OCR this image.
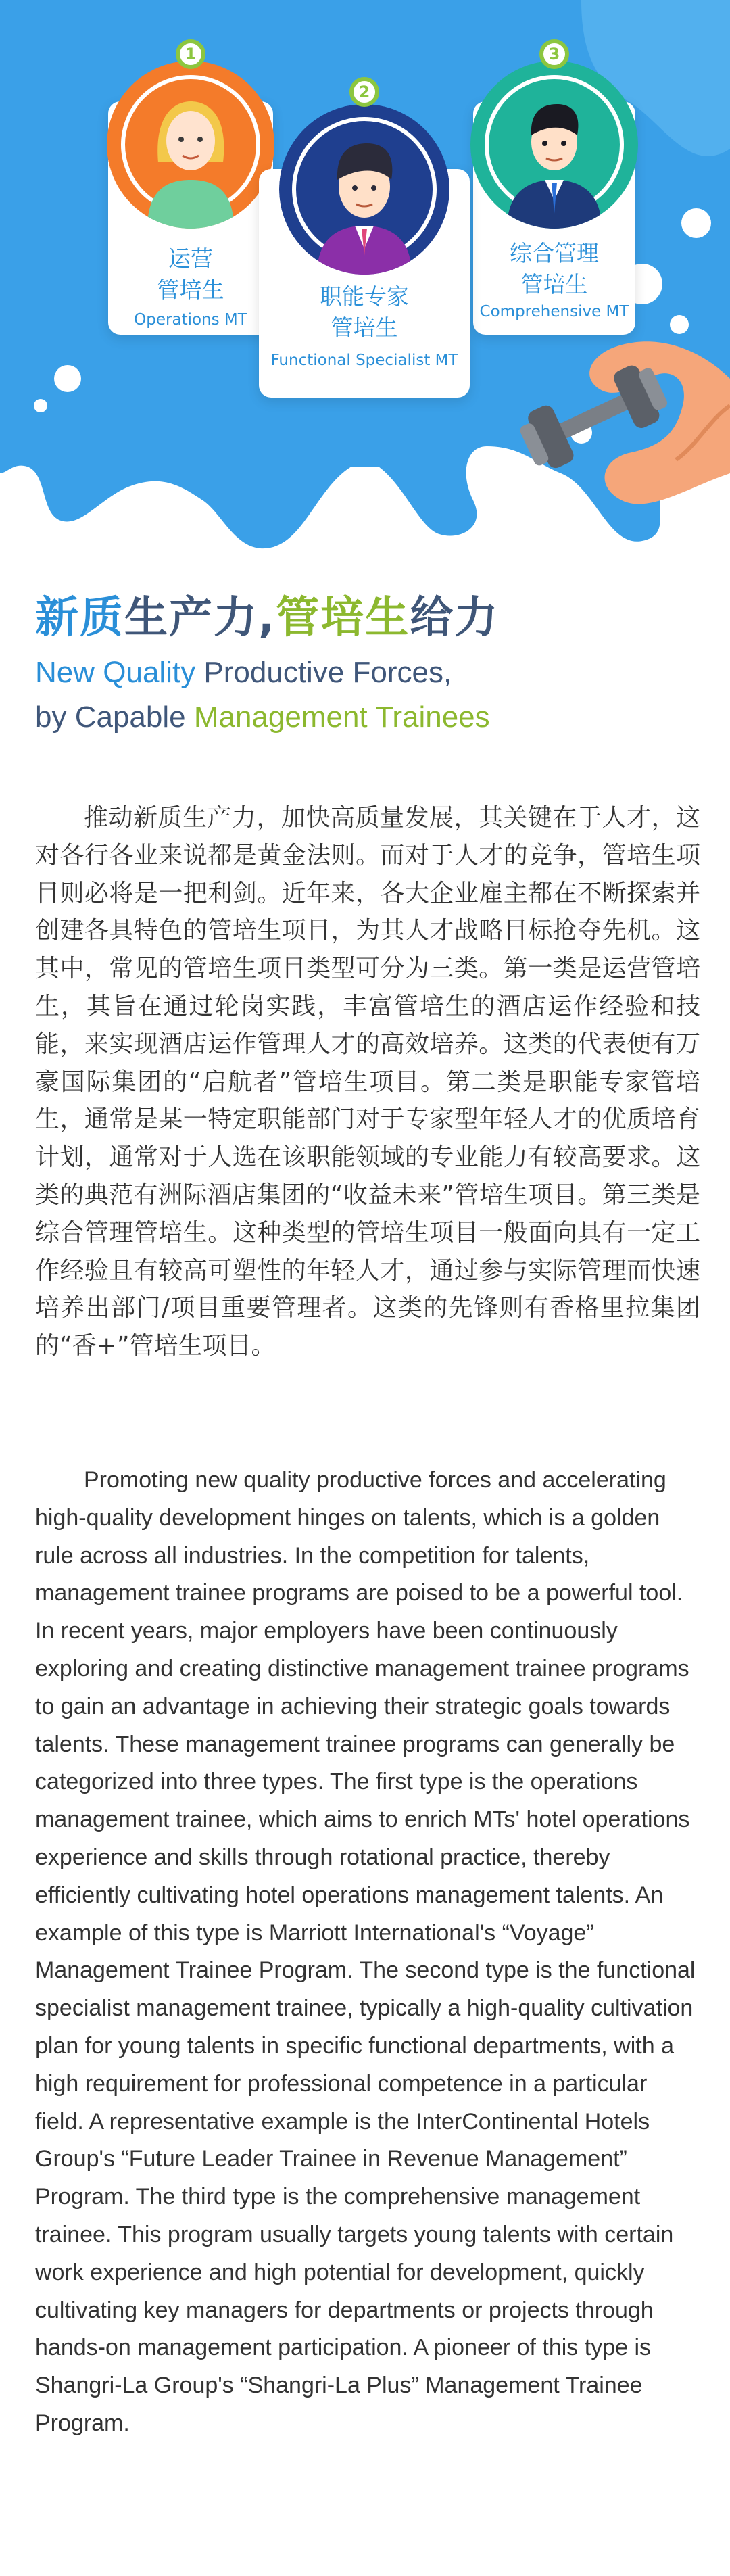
1
运营
管培生
Operations MT
2
职能专家
管培生
Functional Specialist MT
3
综合管理
管培生
Comprehensive MT
新质生产力,管培生给力
New Quality Productive Forces,
by Capable Management Trainees

推动新质生产力，加快高质量发展，其关键在于人才，这对各行各业来说都是黄金法则。而对于人才的竞争，管培生项目则必将是一把利剑。近年来，各大企业雇主都在不断探索并创建各具特色的管培生项目，为其人才战略目标抢夺先机。这其中，常见的管培生项目类型可分为三类。第一类是运营管培生，其旨在通过轮岗实践，丰富管培生的酒店运作经验和技能，来实现酒店运作管理人才的高效培养。这类的代表便有万豪国际集团的“启航者”管培生项目。第二类是职能专家管培生，通常是某一特定职能部门对于专家型年轻人才的优质培育计划，通常对于人选在该职能领域的专业能力有较高要求。这类的典范有洲际酒店集团的“收益未来”管培生项目。第三类是综合管理管培生。这种类型的管培生项目一般面向具有一定工作经验且有较高可塑性的年轻人才，通过参与实际管理而快速培养出部门/项目重要管理者。这类的先锋则有香格里拉集团的“香+”管培生项目。

Promoting new quality productive forces and accelerating high-quality development hinges on talents, which is a golden rule across all industries. In the competition for talents, management trainee programs are poised to be a powerful tool. In recent years, major employers have been continuously exploring and creating distinctive management trainee programs to gain an advantage in achieving their strategic goals towards talents. These management trainee programs can generally be categorized into three types. The first type is the operations management trainee, which aims to enrich MTs' hotel operations experience and skills through rotational practice, thereby efficiently cultivating hotel operations management talents. An example of this type is Marriott International's “Voyage” Management Trainee Program. The second type is the functional specialist management trainee, typically a high-quality cultivation plan for young talents in specific functional departments, with a high requirement for professional competence in a particular field. A representative example is the InterContinental Hotels Group's “Future Leader Trainee in Revenue Management” Program. The third type is the comprehensive management trainee. This program usually targets young talents with certain work experience and high potential for development, quickly cultivating key managers for departments or projects through hands-on management participation. A pioneer of this type is Shangri-La Group's “Shangri-La Plus” Management Trainee Program.
